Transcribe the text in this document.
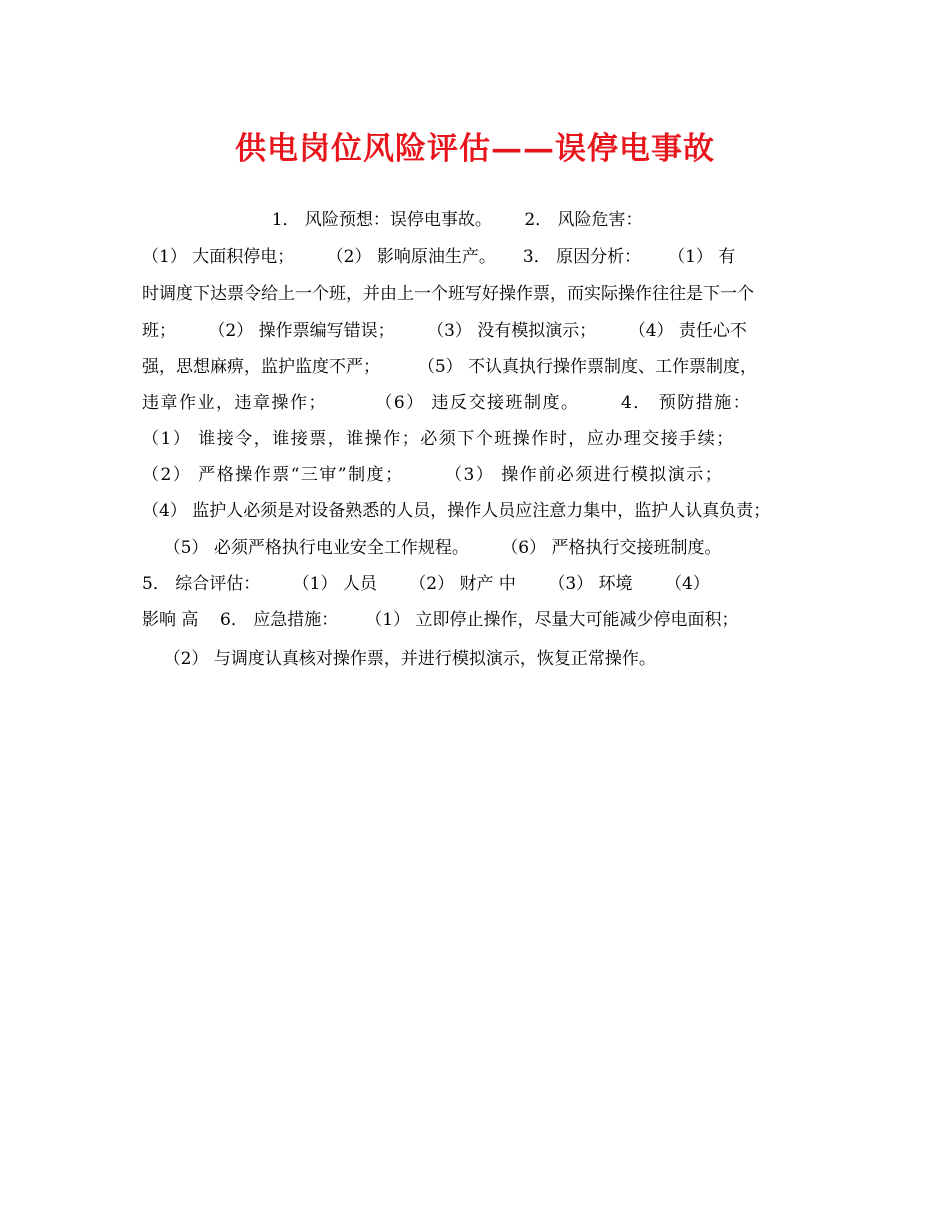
供电岗位风险评估——误停电事故
1． 风险预想：误停电事故。      2． 风险危害：
（1） 大面积停电；      （2） 影响原油生产。     3． 原因分析：     （1） 有
时调度下达票令给上一个班，并由上一个班写好操作票，而实际操作往往是下一个
班；      （2） 操作票编写错误；      （3） 没有模拟演示；      （4） 责任心不
强，思想麻痹，监护监度不严；       （5） 不认真执行操作票制度、工作票制度，
违章作业，违章操作；       （6） 违反交接班制度。      4． 预防措施：
（1） 谁接令，谁接票，谁操作；必须下个班操作时，应办理交接手续；
（2） 严格操作票“三审”制度；      （3） 操作前必须进行模拟演示；
（4） 监护人必须是对设备熟悉的人员，操作人员应注意力集中，监护人认真负责；
（5） 必须严格执行电业安全工作规程。      （6） 严格执行交接班制度。
5． 综合评估：      （1） 人员      （2） 财产 中      （3） 环境      （4）
影响 高    6． 应急措施：     （1） 立即停止操作，尽量大可能减少停电面积；
（2） 与调度认真核对操作票，并进行模拟演示，恢复正常操作。
